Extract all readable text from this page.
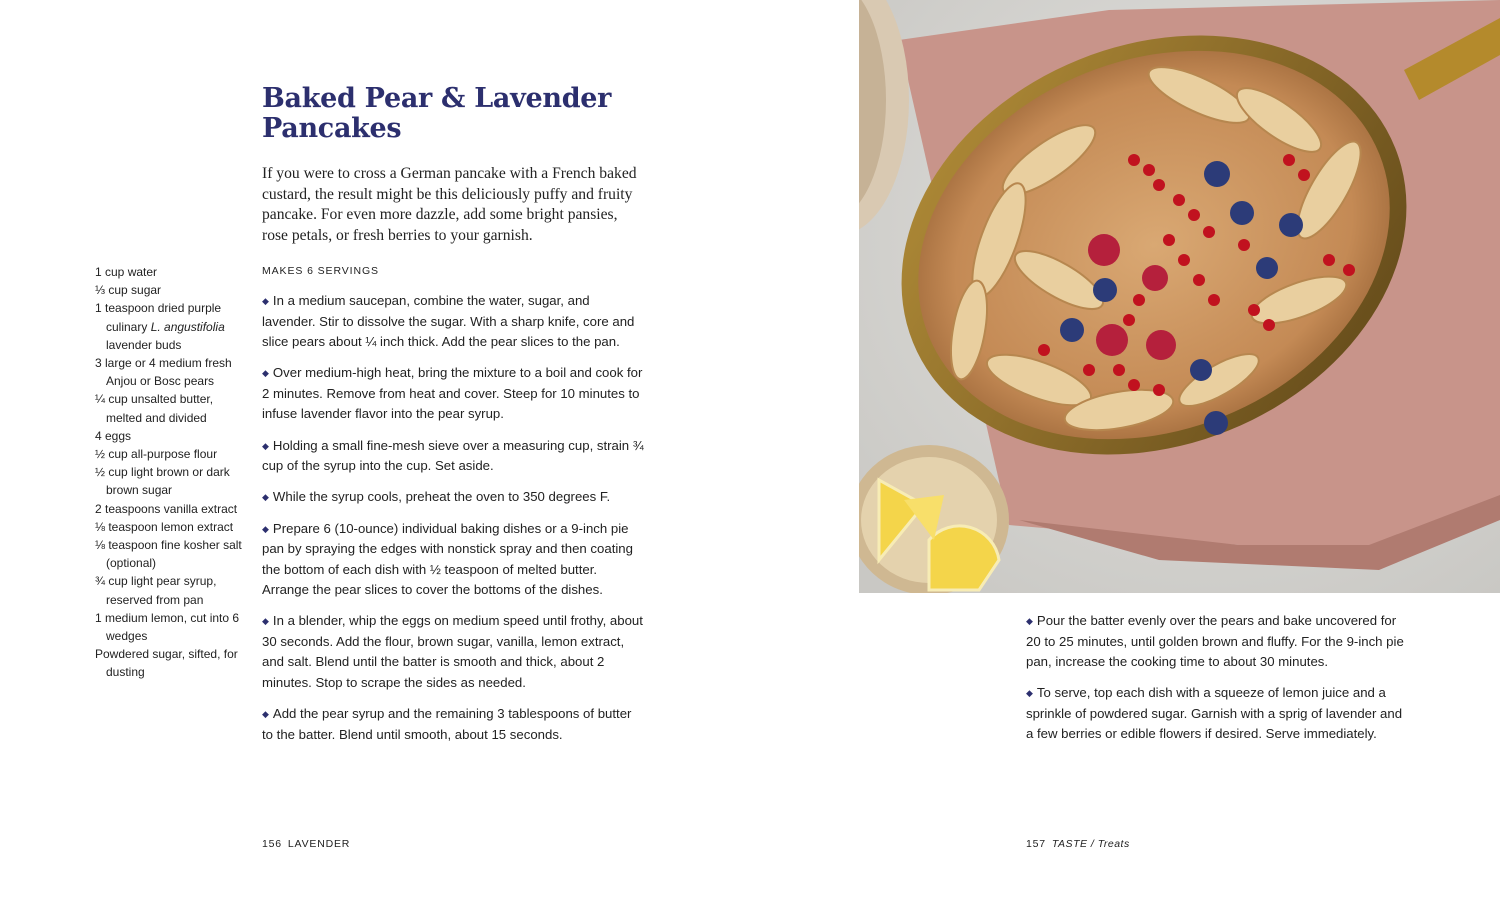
Baked Pear & Lavender
Pancakes

If you were to cross a German pancake with a French baked custard, the result might be this deliciously puffy and fruity pancake. For even more dazzle, add some bright pansies, rose petals, or fresh berries to your garnish.

MAKES 6 SERVINGS

1 cup water
⅓ cup sugar
1 teaspoon dried purple culinary L. angustifolia lavender buds
3 large or 4 medium fresh Anjou or Bosc pears
¼ cup unsalted butter, melted and divided
4 eggs
½ cup all-purpose flour
½ cup light brown or dark brown sugar
2 teaspoons vanilla extract
⅛ teaspoon lemon extract
⅛ teaspoon fine kosher salt (optional)
¾ cup light pear syrup, reserved from pan
1 medium lemon, cut into 6 wedges
Powdered sugar, sifted, for dusting
◆ In a medium saucepan, combine the water, sugar, and lavender. Stir to dissolve the sugar. With a sharp knife, core and slice pears about ¼ inch thick. Add the pear slices to the pan.
◆ Over medium-high heat, bring the mixture to a boil and cook for 2 minutes. Remove from heat and cover. Steep for 10 minutes to infuse lavender flavor into the pear syrup.
◆ Holding a small fine-mesh sieve over a measuring cup, strain ¾ cup of the syrup into the cup. Set aside.
◆ While the syrup cools, preheat the oven to 350 degrees F.
◆ Prepare 6 (10-ounce) individual baking dishes or a 9-inch pie pan by spraying the edges with nonstick spray and then coating the bottom of each dish with ½ teaspoon of melted butter. Arrange the pear slices to cover the bottoms of the dishes.
◆ In a blender, whip the eggs on medium speed until frothy, about 30 seconds. Add the flour, brown sugar, vanilla, lemon extract, and salt. Blend until the batter is smooth and thick, about 2 minutes. Stop to scrape the sides as needed.
◆ Add the pear syrup and the remaining 3 tablespoons of butter to the batter. Blend until smooth, about 15 seconds.

156 LAVENDER

◆ Pour the batter evenly over the pears and bake uncovered for 20 to 25 minutes, until golden brown and fluffy. For the 9-inch pie pan, increase the cooking time to about 30 minutes.
◆ To serve, top each dish with a squeeze of lemon juice and a sprinkle of powdered sugar. Garnish with a sprig of lavender and a few berries or edible flowers if desired. Serve immediately.

157 TASTE / Treats
